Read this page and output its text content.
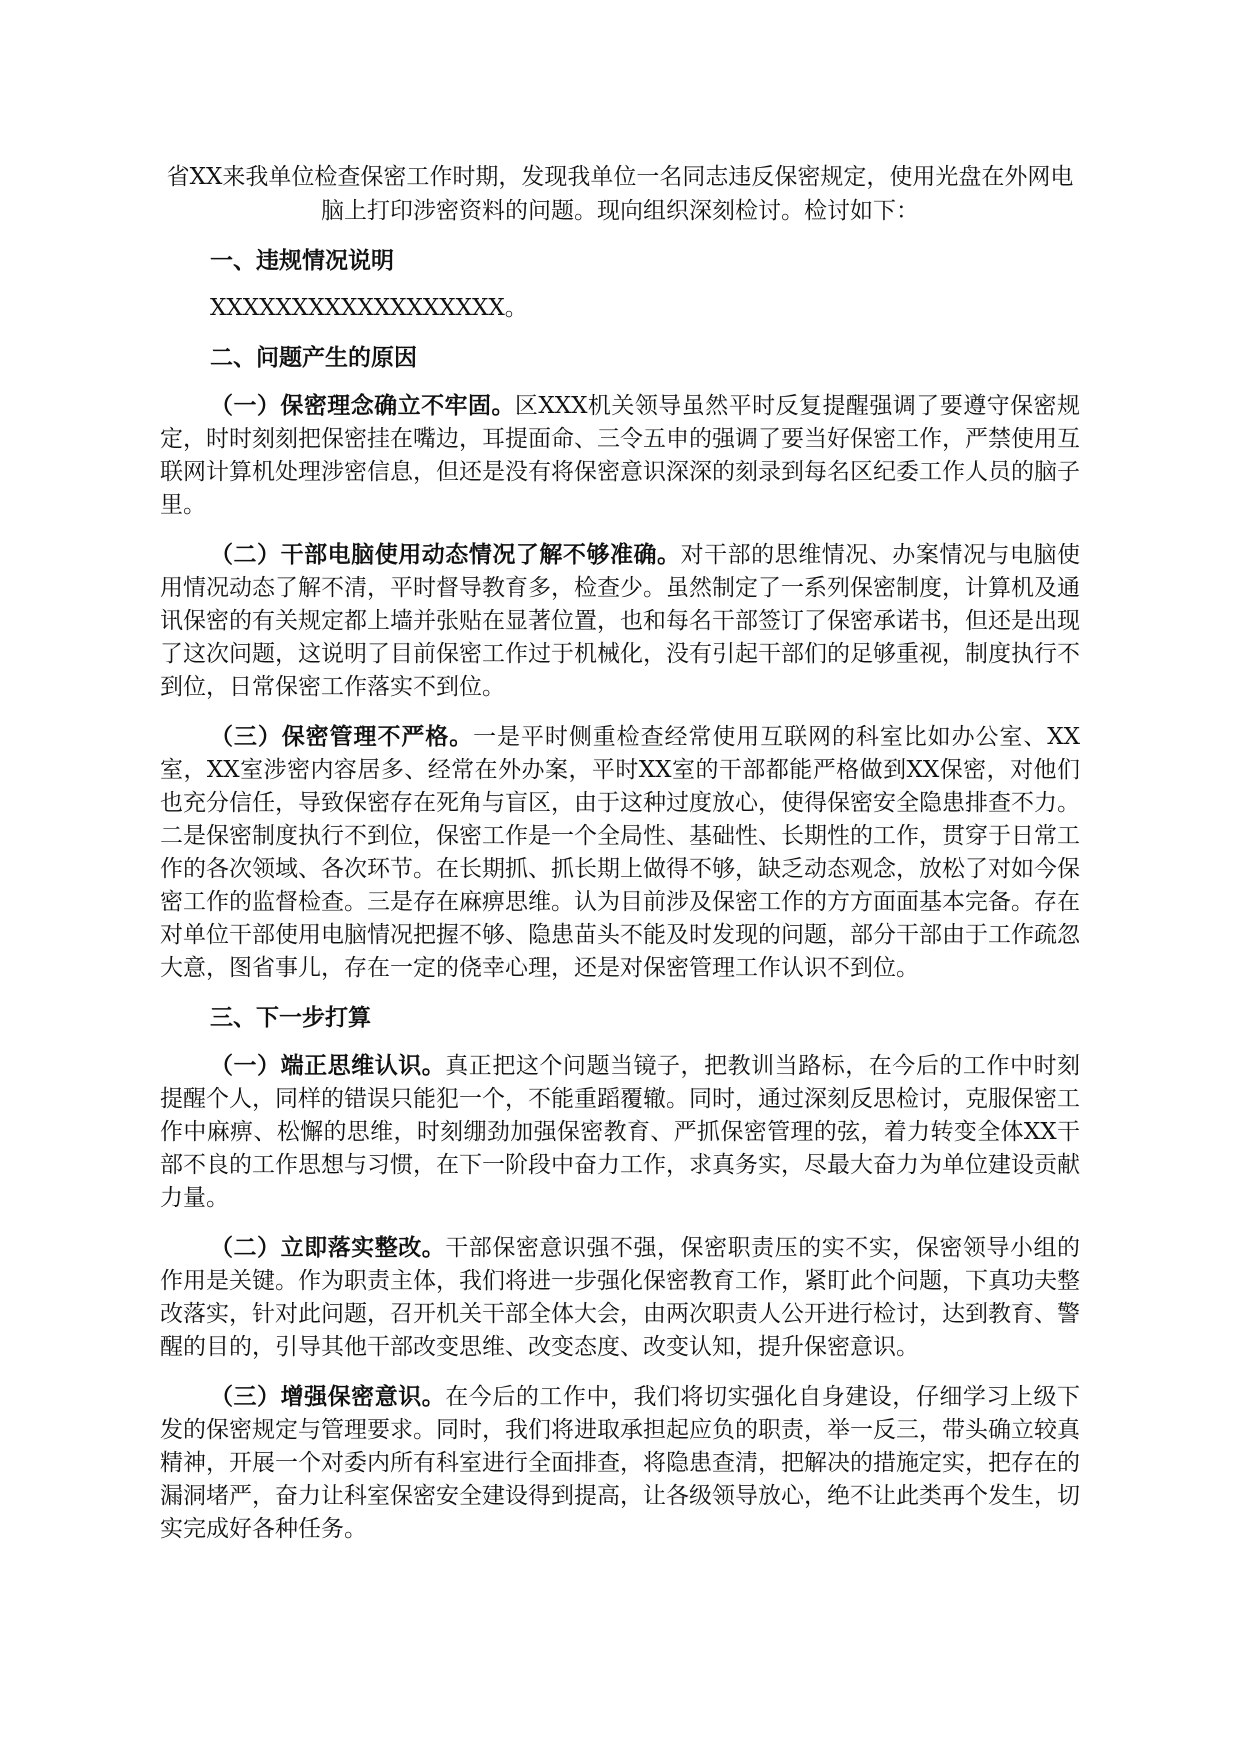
省XX来我单位检查保密工作时期，发现我单位一名同志违反保密规定，使用光盘在外网电脑上打印涉密资料的问题。现向组织深刻检讨。检讨如下：

一、违规情况说明

XXXXXXXXXXXXXXXXXX。

二、问题产生的原因

（一）保密理念确立不牢固。区XXX机关领导虽然平时反复提醒强调了要遵守保密规定，时时刻刻把保密挂在嘴边，耳提面命、三令五申的强调了要当好保密工作，严禁使用互联网计算机处理涉密信息，但还是没有将保密意识深深的刻录到每名区纪委工作人员的脑子里。

（二）干部电脑使用动态情况了解不够准确。对干部的思维情况、办案情况与电脑使用情况动态了解不清，平时督导教育多，检查少。虽然制定了一系列保密制度，计算机及通讯保密的有关规定都上墙并张贴在显著位置，也和每名干部签订了保密承诺书，但还是出现了这次问题，这说明了目前保密工作过于机械化，没有引起干部们的足够重视，制度执行不到位，日常保密工作落实不到位。

（三）保密管理不严格。一是平时侧重检查经常使用互联网的科室比如办公室、XX室，XX室涉密内容居多、经常在外办案，平时XX室的干部都能严格做到XX保密，对他们也充分信任，导致保密存在死角与盲区，由于这种过度放心，使得保密安全隐患排查不力。二是保密制度执行不到位，保密工作是一个全局性、基础性、长期性的工作，贯穿于日常工作的各次领域、各次环节。在长期抓、抓长期上做得不够，缺乏动态观念，放松了对如今保密工作的监督检查。三是存在麻痹思维。认为目前涉及保密工作的方方面面基本完备。存在对单位干部使用电脑情况把握不够、隐患苗头不能及时发现的问题，部分干部由于工作疏忽大意，图省事儿，存在一定的侥幸心理，还是对保密管理工作认识不到位。

三、下一步打算

（一）端正思维认识。真正把这个问题当镜子，把教训当路标，在今后的工作中时刻提醒个人，同样的错误只能犯一个，不能重蹈覆辙。同时，通过深刻反思检讨，克服保密工作中麻痹、松懈的思维，时刻绷劲加强保密教育、严抓保密管理的弦，着力转变全体XX干部不良的工作思想与习惯，在下一阶段中奋力工作，求真务实，尽最大奋力为单位建设贡献力量。

（二）立即落实整改。干部保密意识强不强，保密职责压的实不实，保密领导小组的作用是关键。作为职责主体，我们将进一步强化保密教育工作，紧盯此个问题，下真功夫整改落实，针对此问题，召开机关干部全体大会，由两次职责人公开进行检讨，达到教育、警醒的目的，引导其他干部改变思维、改变态度、改变认知，提升保密意识。

（三）增强保密意识。在今后的工作中，我们将切实强化自身建设，仔细学习上级下发的保密规定与管理要求。同时，我们将进取承担起应负的职责，举一反三，带头确立较真精神，开展一个对委内所有科室进行全面排查，将隐患查清，把解决的措施定实，把存在的漏洞堵严，奋力让科室保密安全建设得到提高，让各级领导放心，绝不让此类再个发生，切实完成好各种任务。
